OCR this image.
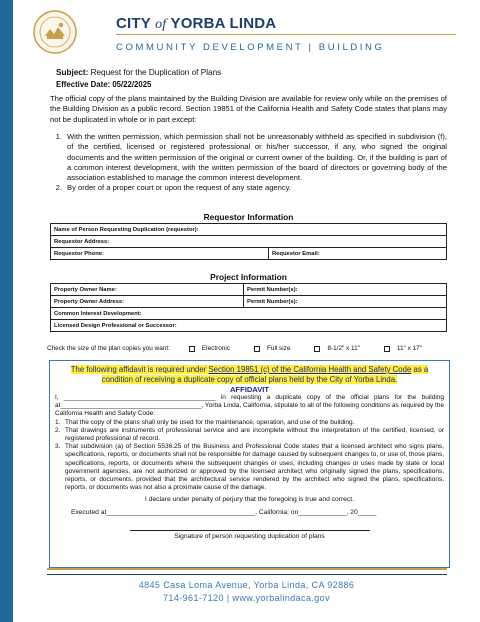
CITY of YORBA LINDA
COMMUNITY DEVELOPMENT | BUILDING
Subject: Request for the Duplication of Plans
Effective Date: 05/22/2025
The official copy of the plans maintained by the Building Division are available for review only while on the premises of the Building Division as a public record. Section 19851 of the California Health and Safety Code states that plans may not be duplicated in whole or in part except:
1. With the written permission, which permission shall not be unreasonably withheld as specified in subdivision (f), of the certified, licensed or registered professional or his/her successor, if any, who signed the original documents and the written permission of the original or current owner of the building. Or, if the building is part of a common interest development, with the written permission of the board of directors or governing body of the association established to manage the common interest development.
2. By order of a proper court or upon the request of any state agency.
Requestor Information
Name of Person Requesting Duplication (requestor):
Requestor Address:
Requestor Phone:	Requestor Email:
Project Information
Property Owner Name:	Permit Number(s):
Property Owner Address:	Permit Number(s):
Common Interest Development:	
Licensed Design Professional or Successor:	
Check the size of the plan copies you want:	Electronic	Full size	8-1/2" x 11"	11" x 17"
The following affidavit is required under Section 19851 (c) of the California Health and Safety Code as a condition of receiving a duplicate copy of official plans held by the City of Yorba Linda.
AFFIDAVIT
I, __________________________________________ in requesting a duplicate copy of the official plans for the building at_______________________________________, Yorba Linda, California, stipulate to all of the following conditions as required by the California Health and Safety Code:
1. That the copy of the plans shall only be used for the maintenance, operation, and use of the building.
2. That drawings are instruments of professional service and are incomplete without the interpretation of the certified, licensed, or registered professional of record.
3. That subdivision (a) of Section 5536.25 of the Business and Professional Code states that a licensed architect who signs plans, specifications, reports, or documents shall not be responsible for damage caused by subsequent changes to, or use of, those plans, specifications, reports, or documents where the subsequent changes or uses, including changes or uses made by state or local government agencies, are not authorized or approved by the licensed architect who originally signed the plans, specifications, reports, or documents, provided that the architectural service rendered by the architect who signed the plans, specifications, reports, or documents was not also a proximate cause of the damage.
I declare under penalty of perjury that the foregoing is true and correct.
Executed at________________________________________, California; on_____________, 20_____
Signature of person requesting duplication of plans
4845 Casa Loma Avenue, Yorba Linda, CA 92886
714-961-7120 | www.yorbalindaca.gov
